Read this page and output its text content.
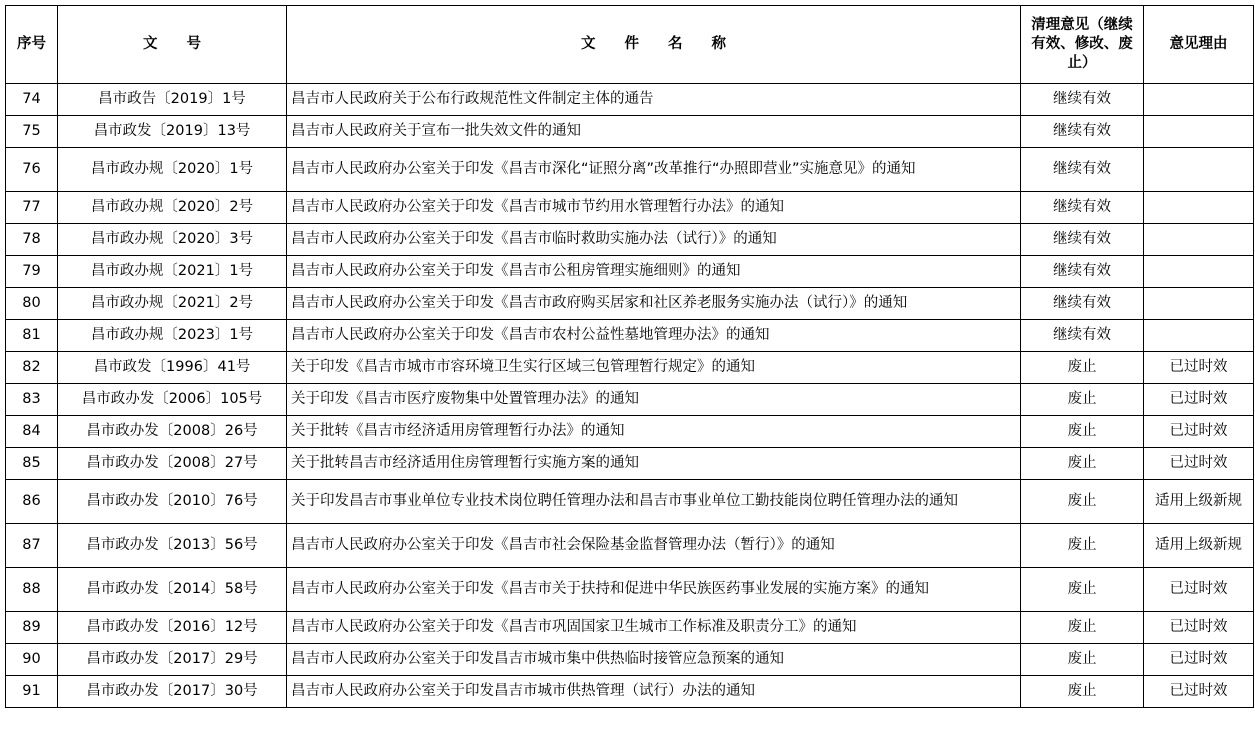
序号	文　　号	文　　件　　名　　称	清理意见（继续有效、修改、废止）	意见理由
74	昌市政告〔2019〕1号	昌吉市人民政府关于公布行政规范性文件制定主体的通告	继续有效	
75	昌市政发〔2019〕13号	昌吉市人民政府关于宣布一批失效文件的通知	继续有效	
76	昌市政办规〔2020〕1号	昌吉市人民政府办公室关于印发《昌吉市深化“证照分离”改革推行“办照即营业”实施意见》的通知	继续有效	
77	昌市政办规〔2020〕2号	昌吉市人民政府办公室关于印发《昌吉市城市节约用水管理暂行办法》的通知	继续有效	
78	昌市政办规〔2020〕3号	昌吉市人民政府办公室关于印发《昌吉市临时救助实施办法（试行）》的通知	继续有效	
79	昌市政办规〔2021〕1号	昌吉市人民政府办公室关于印发《昌吉市公租房管理实施细则》的通知	继续有效	
80	昌市政办规〔2021〕2号	昌吉市人民政府办公室关于印发《昌吉市政府购买居家和社区养老服务实施办法（试行）》的通知	继续有效	
81	昌市政办规〔2023〕1号	昌吉市人民政府办公室关于印发《昌吉市农村公益性墓地管理办法》的通知	继续有效	
82	昌市政发〔1996〕41号	关于印发《昌吉市城市市容环境卫生实行区域三包管理暂行规定》的通知	废止	已过时效
83	昌市政办发〔2006〕105号	关于印发《昌吉市医疗废物集中处置管理办法》的通知	废止	已过时效
84	昌市政办发〔2008〕26号	关于批转《昌吉市经济适用房管理暂行办法》的通知	废止	已过时效
85	昌市政办发〔2008〕27号	关于批转昌吉市经济适用住房管理暂行实施方案的通知	废止	已过时效
86	昌市政办发〔2010〕76号	关于印发昌吉市事业单位专业技术岗位聘任管理办法和昌吉市事业单位工勤技能岗位聘任管理办法的通知	废止	适用上级新规
87	昌市政办发〔2013〕56号	昌吉市人民政府办公室关于印发《昌吉市社会保险基金监督管理办法（暂行）》的通知	废止	适用上级新规
88	昌市政办发〔2014〕58号	昌吉市人民政府办公室关于印发《昌吉市关于扶持和促进中华民族医药事业发展的实施方案》的通知	废止	已过时效
89	昌市政办发〔2016〕12号	昌吉市人民政府办公室关于印发《昌吉市巩固国家卫生城市工作标准及职责分工》的通知	废止	已过时效
90	昌市政办发〔2017〕29号	昌吉市人民政府办公室关于印发昌吉市城市集中供热临时接管应急预案的通知	废止	已过时效
91	昌市政办发〔2017〕30号	昌吉市人民政府办公室关于印发昌吉市城市供热管理（试行）办法的通知	废止	已过时效
